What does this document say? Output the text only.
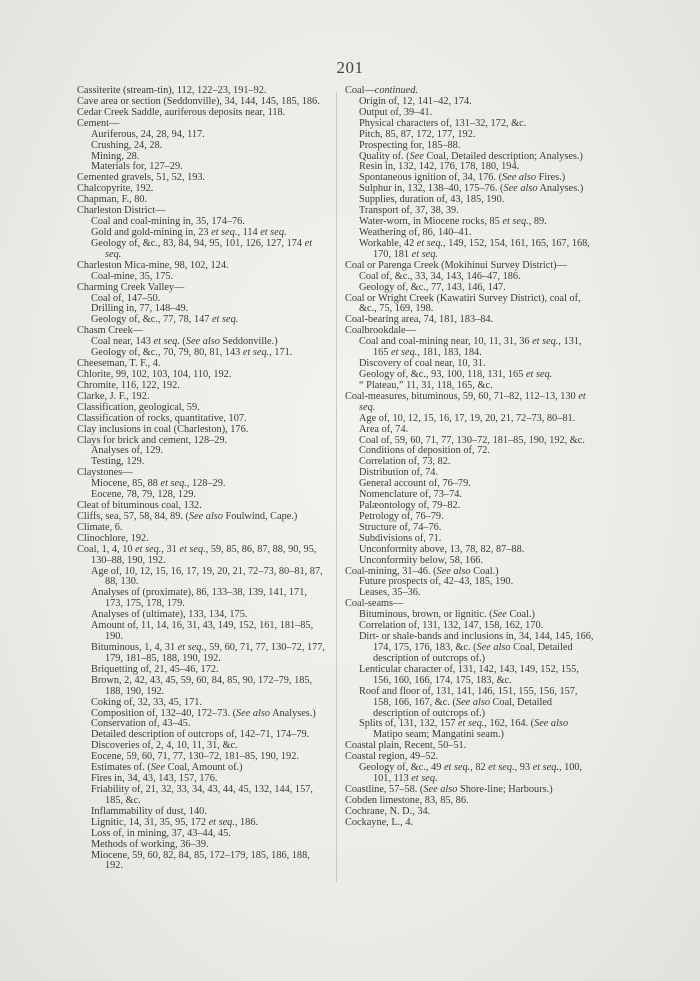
201
Cassiterite (stream-tin), 112, 122–23, 191–92.
Cave area or section (Seddonville), 34, 144, 145, 185, 186.
Cedar Creek Saddle, auriferous deposits near, 118.
Cement—
Auriferous, 24, 28, 94, 117.
Crushing, 24, 28.
Mining, 28.
Materials for, 127–29.
Cemented gravels, 51, 52, 193.
Chalcopyrite, 192.
Chapman, F., 80.
Charleston District—
Coal and coal-mining in, 35, 174–76.
Gold and gold-mining in, 23 et seq., 114 et seq.
Geology of, &c., 83, 84, 94, 95, 101, 126, 127, 174 et seq.
Charleston Mica-mine, 98, 102, 124.
Coal-mine, 35, 175.
Charming Creek Valley—
Coal of, 147–50.
Drilling in, 77, 148–49.
Geology of, &c., 77, 78, 147 et seq.
Chasm Creek—
Coal near, 143 et seq. (See also Seddonville.)
Geology of, &c., 70, 79, 80, 81, 143 et seq., 171.
Cheeseman, T. F., 4.
Chlorite, 99, 102, 103, 104, 110, 192.
Chromite, 116, 122, 192.
Clarke, J. F., 192.
Classification, geological, 59.
Classification of rocks, quantitative, 107.
Clay inclusions in coal (Charleston), 176.
Clays for brick and cement, 128–29.
Analyses of, 129.
Testing, 129.
Claystones—
Miocene, 85, 88 et seq., 128–29.
Eocene, 78, 79, 128, 129.
Cleat of bituminous coal, 132.
Cliffs, sea, 57, 58, 84, 89. (See also Foulwind, Cape.)
Climate, 6.
Clinochlore, 192.
Coal, 1, 4, 10 et seq., 31 et seq., 59, 85, 86, 87, 88, 90, 95, 130–88, 190, 192.
Age of, 10, 12, 15, 16, 17, 19, 20, 21, 72–73, 80–81, 87, 88, 130.
Analyses of (proximate), 86, 133–38, 139, 141, 171, 173, 175, 178, 179.
Analyses of (ultimate), 133, 134, 175.
Amount of, 11, 14, 16, 31, 43, 149, 152, 161, 181–85, 190.
Bituminous, 1, 4, 31 et seq., 59, 60, 71, 77, 130–72, 177, 179, 181–85, 188, 190, 192.
Briquetting of, 21, 45–46, 172.
Brown, 2, 42, 43, 45, 59, 60, 84, 85, 90, 172–79, 185, 188, 190, 192.
Coking of, 32, 33, 45, 171.
Composition of, 132–40, 172–73. (See also Analyses.)
Conservation of, 43–45.
Detailed description of outcrops of, 142–71, 174–79.
Discoveries of, 2, 4, 10, 11, 31, &c.
Eocene, 59, 60, 71, 77, 130–72, 181–85, 190, 192.
Estimates of. (See Coal, Amount of.)
Fires in, 34, 43, 143, 157, 176.
Friability of, 21, 32, 33, 34, 43, 44, 45, 132, 144, 157, 185, &c.
Inflammability of dust, 140.
Lignitic, 14, 31, 35, 95, 172 et seq., 186.
Loss of, in mining, 37, 43–44, 45.
Methods of working, 36–39.
Miocene, 59, 60, 82, 84, 85, 172–179, 185, 186, 188, 192.
Coal—continued.
Origin of, 12, 141–42, 174.
Output of, 39–41.
Physical characters of, 131–32, 172, &c.
Pitch, 85, 87, 172, 177, 192.
Prospecting for, 185–88.
Quality of. (See Coal, Detailed description; Analyses.)
Resin in, 132, 142, 176, 178, 180, 194.
Spontaneous ignition of, 34, 176. (See also Fires.)
Sulphur in, 132, 138–40, 175–76. (See also Analyses.)
Supplies, duration of, 43, 185, 190.
Transport of, 37, 38, 39.
Water-worn, in Miocene rocks, 85 et seq., 89.
Weathering of, 86, 140–41.
Workable, 42 et seq., 149, 152, 154, 161, 165, 167, 168, 170, 181 et seq.
Coal or Parenga Creek (Mokihinui Survey District)—
Coal of, &c., 33, 34, 143, 146–47, 186.
Geology of, &c., 77, 143, 146, 147.
Coal or Wright Creek (Kawatiri Survey District), coal of, &c., 75, 169, 198.
Coal-bearing area, 74, 181, 183–84.
Coalbrookdale—
Coal and coal-mining near, 10, 11, 31, 36 et seq., 131, 165 et seq., 181, 183, 184.
Discovery of coal near, 10, 31.
Geology of, &c., 93, 100, 118, 131, 165 et seq.
“ Plateau,” 11, 31, 118, 165, &c.
Coal-measures, bituminous, 59, 60, 71–82, 112–13, 130 et seq.
Age of, 10, 12, 15, 16, 17, 19, 20, 21, 72–73, 80–81.
Area of, 74.
Coal of, 59, 60, 71, 77, 130–72, 181–85, 190, 192, &c.
Conditions of deposition of, 72.
Correlation of, 73, 82.
Distribution of, 74.
General account of, 76–79.
Nomenclature of, 73–74.
Palæontology of, 79–82.
Petrology of, 76–79.
Structure of, 74–76.
Subdivisions of, 71.
Unconformity above, 13, 78, 82, 87–88.
Unconformity below, 58, 166.
Coal-mining, 31–46. (See also Coal.)
Future prospects of, 42–43, 185, 190.
Leases, 35–36.
Coal-seams—
Bituminous, brown, or lignitic. (See Coal.)
Correlation of, 131, 132, 147, 158, 162, 170.
Dirt- or shale-bands and inclusions in, 34, 144, 145, 166, 174, 175, 176, 183, &c. (See also Coal, Detailed description of outcrops of.)
Lenticular character of, 131, 142, 143, 149, 152, 155, 156, 160, 166, 174, 175, 183, &c.
Roof and floor of, 131, 141, 146, 151, 155, 156, 157, 158, 166, 167, &c. (See also Coal, Detailed description of outcrops of.)
Splits of, 131, 132, 157 et seq., 162, 164. (See also Matipo seam; Mangatini seam.)
Coastal plain, Recent, 50–51.
Coastal region, 49–52.
Geology of, &c., 49 et seq., 82 et seq., 93 et seq., 100, 101, 113 et seq.
Coastline, 57–58. (See also Shore-line; Harbours.)
Cobden limestone, 83, 85, 86.
Cochrane, N. D., 34.
Cockayne, L., 4.
